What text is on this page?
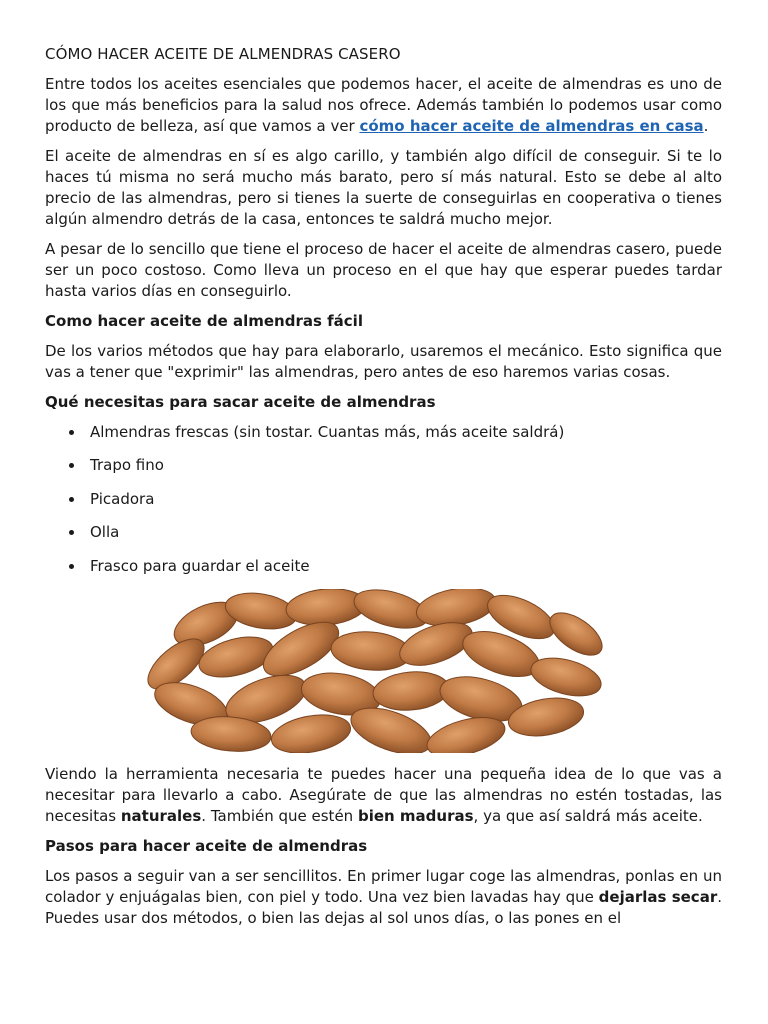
CÓMO HACER ACEITE DE ALMENDRAS CASERO

Entre todos los aceites esenciales que podemos hacer, el aceite de almendras es uno de los que más beneficios para la salud nos ofrece. Además también lo podemos usar como producto de belleza, así que vamos a ver cómo hacer aceite de almendras en casa.

El aceite de almendras en sí es algo carillo, y también algo difícil de conseguir. Si te lo haces tú misma no será mucho más barato, pero sí más natural. Esto se debe al alto precio de las almendras, pero si tienes la suerte de conseguirlas en cooperativa o tienes algún almendro detrás de la casa, entonces te saldrá mucho mejor.

A pesar de lo sencillo que tiene el proceso de hacer el aceite de almendras casero, puede ser un poco costoso. Como lleva un proceso en el que hay que esperar puedes tardar hasta varios días en conseguirlo.

Como hacer aceite de almendras fácil

De los varios métodos que hay para elaborarlo, usaremos el mecánico. Esto significa que vas a tener que "exprimir" las almendras, pero antes de eso haremos varias cosas.

Qué necesitas para sacar aceite de almendras
Almendras frescas (sin tostar. Cuantas más, más aceite saldrá)
Trapo fino
Picadora
Olla
Frasco para guardar el aceite

Viendo la herramienta necesaria te puedes hacer una pequeña idea de lo que vas a necesitar para llevarlo a cabo. Asegúrate de que las almendras no estén tostadas, las necesitas naturales. También que estén bien maduras, ya que así saldrá más aceite.

Pasos para hacer aceite de almendras

Los pasos a seguir van a ser sencillitos. En primer lugar coge las almendras, ponlas en un colador y enjuágalas bien, con piel y todo. Una vez bien lavadas hay que dejarlas secar. Puedes usar dos métodos, o bien las dejas al sol unos días, o las pones en el
